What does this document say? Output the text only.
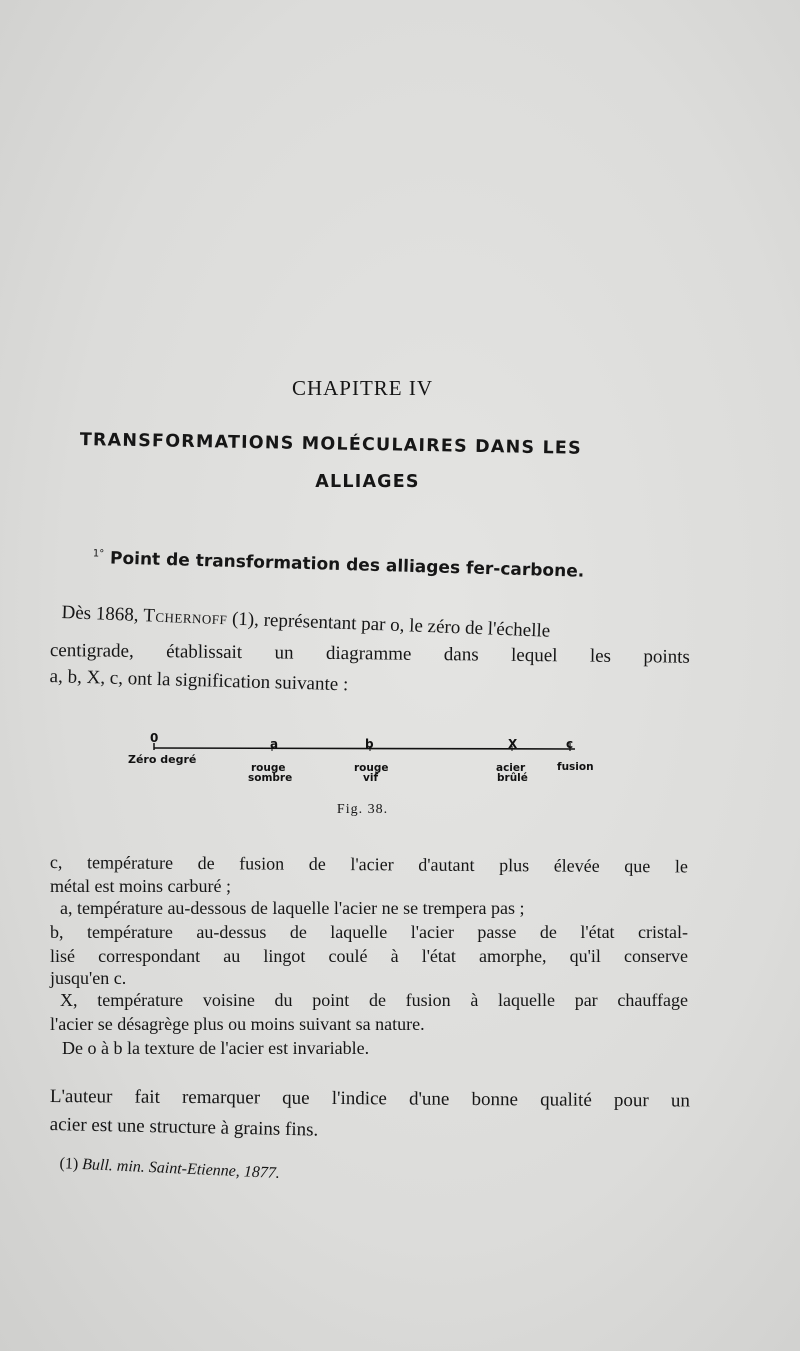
CHAPITRE IV
TRANSFORMATIONS MOLÉCULAIRES DANS LES
ALLIAGES
$^{1^\circ}$ Point de transformation des alliages fer-carbone.
Dès 1868, Tchernoff (1), représentant par o, le zéro de l'échelle
centigrade, établissait un diagramme dans lequel les points
a, b, X, c, ont la signification suivante :
0	a	b	X	c
Zéro degré
rouge
sombre
rouge
vif
acier
brûlé
fusion
Fig. 38.
c, température de fusion de l'acier d'autant plus élevée que le
métal est moins carburé ;
a, température au-dessous de laquelle l'acier ne se trempera pas ;
b, température au-dessus de laquelle l'acier passe de l'état cristal-
lisé correspondant au lingot coulé à l'état amorphe, qu'il conserve
jusqu'en c.
X, température voisine du point de fusion à laquelle par chauffage
l'acier se désagrège plus ou moins suivant sa nature.
De o à b la texture de l'acier est invariable.
L'auteur fait remarquer que l'indice d'une bonne qualité pour un
acier est une structure à grains fins.
(1) Bull. min. Saint-Etienne, 1877.
